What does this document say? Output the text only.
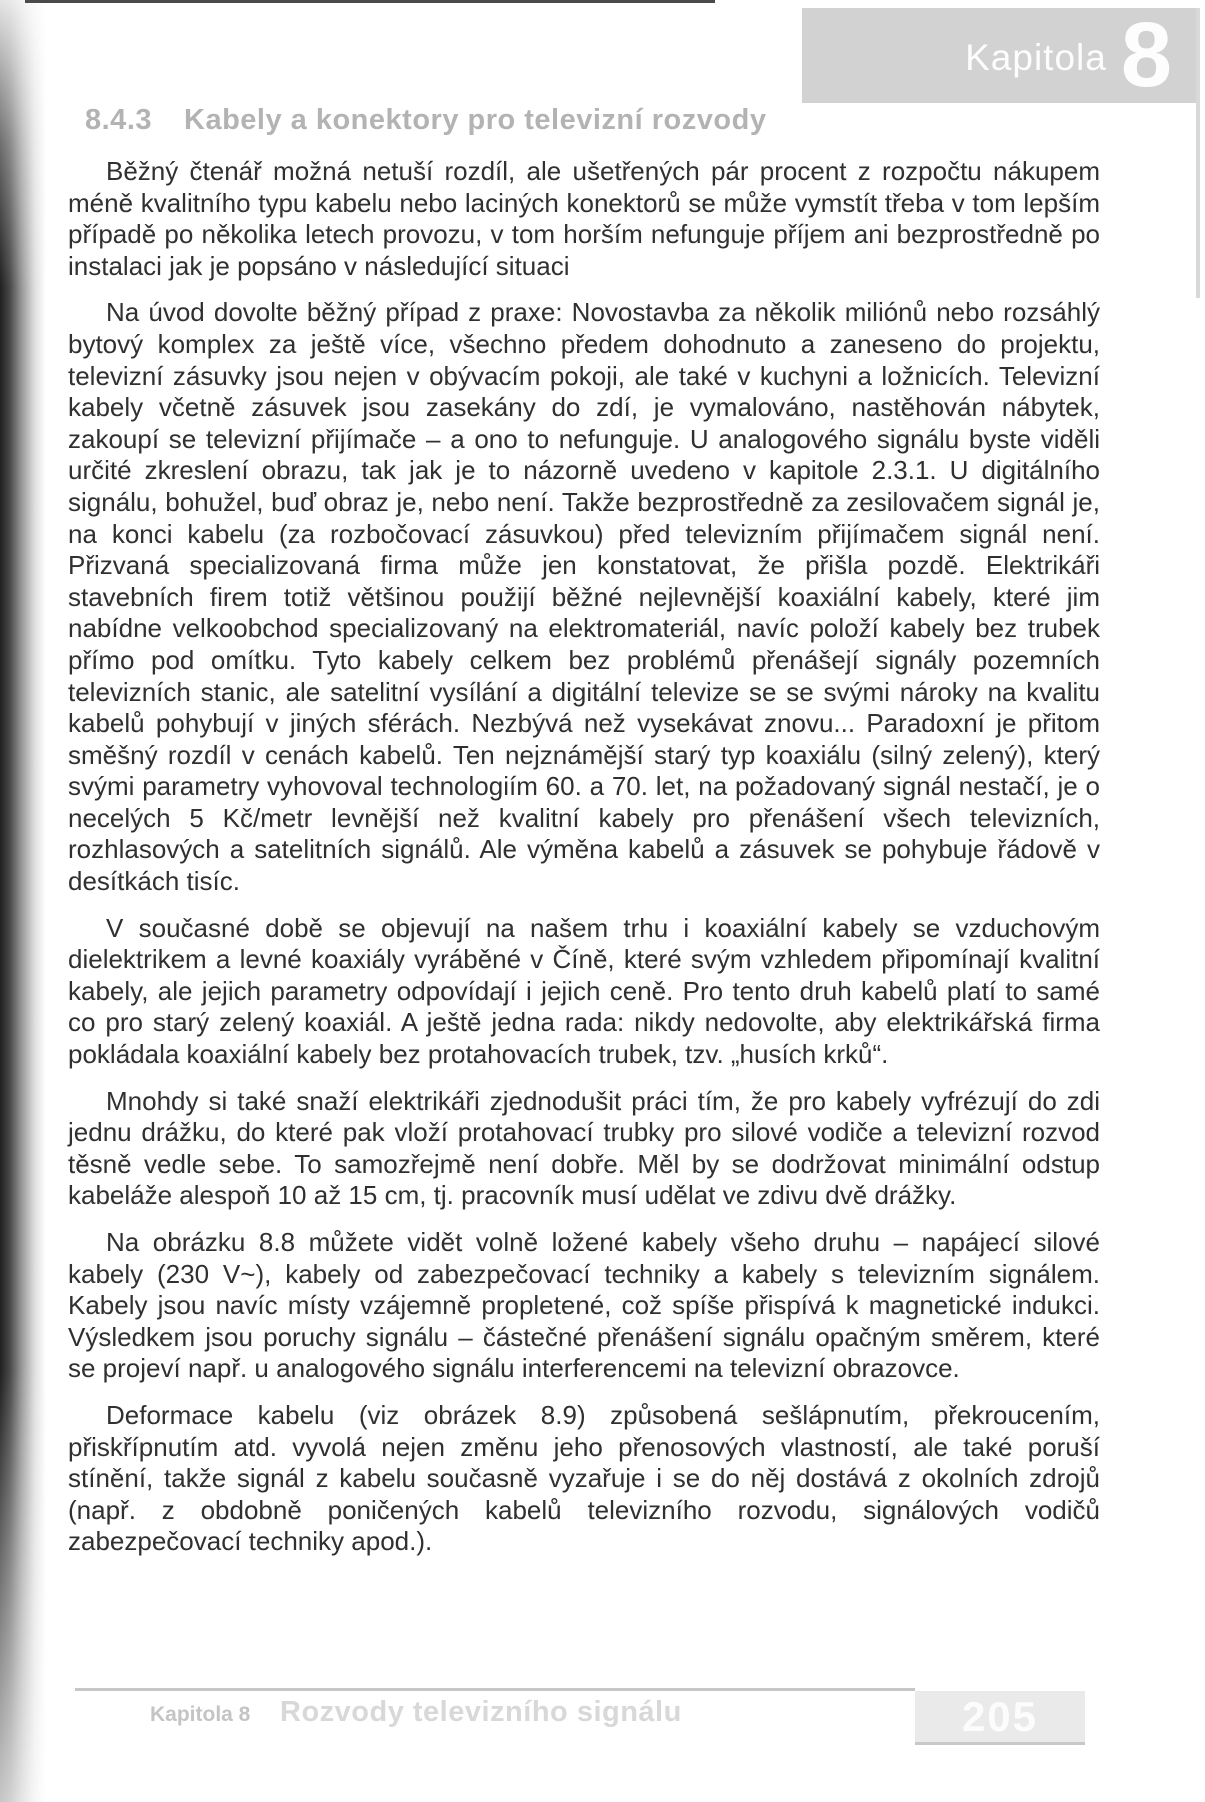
Kapitola 8
8.4.3 Kabely a konektory pro televizní rozvody

Běžný čtenář možná netuší rozdíl, ale ušetřených pár procent z rozpočtu nákupem méně kvalitního typu kabelu nebo laciných konektorů se může vymstít třeba v tom lepším případě po několika letech provozu, v tom horším nefunguje příjem ani bezprostředně po instalaci jak je popsáno v následující situaci

Na úvod dovolte běžný případ z praxe: Novostavba za několik miliónů nebo rozsáhlý bytový komplex za ještě více, všechno předem dohodnuto a zaneseno do projektu, televizní zásuvky jsou nejen v obývacím pokoji, ale také v kuchyni a ložnicích. Televizní kabely včetně zásuvek jsou zasekány do zdí, je vymalováno, nastěhován nábytek, zakoupí se televizní přijímače – a ono to nefunguje. U analogového signálu byste viděli určité zkreslení obrazu, tak jak je to názorně uvedeno v kapitole 2.3.1. U digitálního signálu, bohužel, buď obraz je, nebo není. Takže bezprostředně za zesilovačem signál je, na konci kabelu (za rozbočovací zásuvkou) před televizním přijímačem signál není. Přizvaná specializovaná firma může jen konstatovat, že přišla pozdě. Elektrikáři stavebních firem totiž většinou použijí běžné nejlevnější koaxiální kabely, které jim nabídne velkoobchod specializovaný na elektromateriál, navíc položí kabely bez trubek přímo pod omítku. Tyto kabely celkem bez problémů přenášejí signály pozemních televizních stanic, ale satelitní vysílání a digitální televize se se svými nároky na kvalitu kabelů pohybují v jiných sférách. Nezbývá než vysekávat znovu... Paradoxní je přitom směšný rozdíl v cenách kabelů. Ten nejznámější starý typ koaxiálu (silný zelený), který svými parametry vyhovoval technologiím 60. a 70. let, na požadovaný signál nestačí, je o necelých 5 Kč/metr levnější než kvalitní kabely pro přenášení všech televizních, rozhlasových a satelitních signálů. Ale výměna kabelů a zásuvek se pohybuje řádově v desítkách tisíc.

V současné době se objevují na našem trhu i koaxiální kabely se vzduchovým dielektrikem a levné koaxiály vyráběné v Číně, které svým vzhledem připomínají kvalitní kabely, ale jejich parametry odpovídají i jejich ceně. Pro tento druh kabelů platí to samé co pro starý zelený koaxiál. A ještě jedna rada: nikdy nedovolte, aby elektrikářská firma pokládala koaxiální kabely bez protahovacích trubek, tzv. „husích krků“.

Mnohdy si také snaží elektrikáři zjednodušit práci tím, že pro kabely vyfrézují do zdi jednu drážku, do které pak vloží protahovací trubky pro silové vodiče a televizní rozvod těsně vedle sebe. To samozřejmě není dobře. Měl by se dodržovat minimální odstup kabeláže alespoň 10 až 15 cm, tj. pracovník musí udělat ve zdivu dvě drážky.

Na obrázku 8.8 můžete vidět volně ložené kabely všeho druhu – napájecí silové kabely (230 V~), kabely od zabezpečovací techniky a kabely s televizním signálem. Kabely jsou navíc místy vzájemně propletené, což spíše přispívá k magnetické indukci. Výsledkem jsou poruchy signálu – částečné přenášení signálu opačným směrem, které se projeví např. u analogového signálu interferencemi na televizní obrazovce.

Deformace kabelu (viz obrázek 8.9) způsobená sešlápnutím, překroucením, přiskřípnutím atd. vyvolá nejen změnu jeho přenosových vlastností, ale také poruší stínění, takže signál z kabelu současně vyzařuje i se do něj dostává z okolních zdrojů (např. z obdobně poničených kabelů televizního rozvodu, signálových vodičů zabezpečovací techniky apod.).

Kapitola 8 Rozvody televizního signálu	205
